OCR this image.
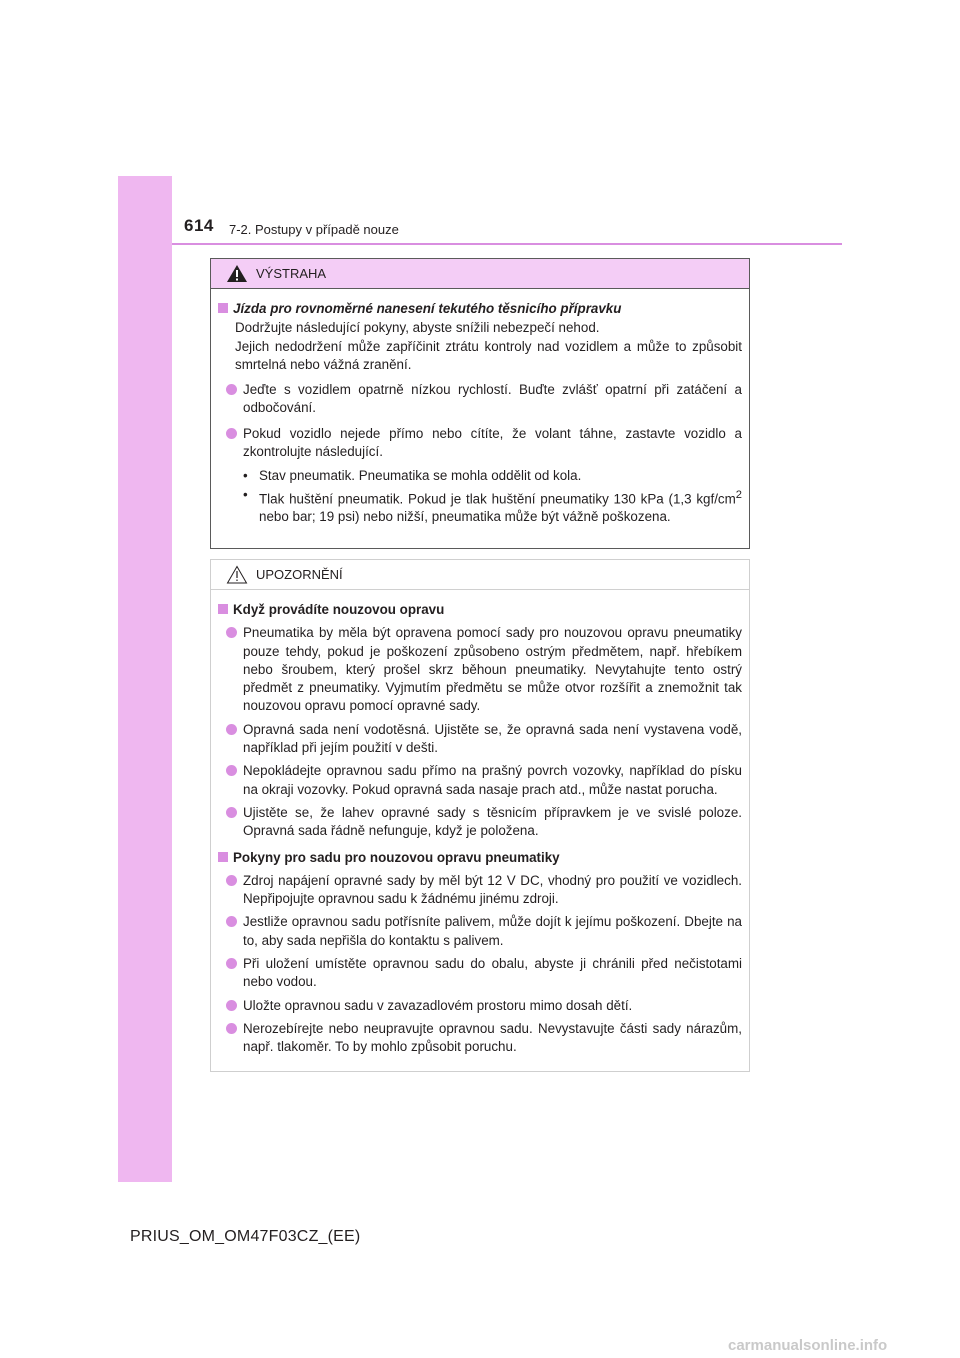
614 7-2. Postupy v případě nouze
VÝSTRAHA
Jízda pro rovnoměrné nanesení tekutého těsnicího přípravku
Dodržujte následující pokyny, abyste snížili nebezpečí nehod.
Jejich nedodržení může zapříčinit ztrátu kontroly nad vozidlem a může to způsobit smrtelná nebo vážná zranění.
Jeďte s vozidlem opatrně nízkou rychlostí. Buďte zvlášť opatrní při zatáčení a odbočování.
Pokud vozidlo nejede přímo nebo cítíte, že volant táhne, zastavte vozidlo a zkontrolujte následující.
• Stav pneumatik. Pneumatika se mohla oddělit od kola.
• Tlak huštění pneumatik. Pokud je tlak huštění pneumatiky 130 kPa (1,3 kgf/$cm^2$ nebo bar; 19 psi) nebo nižší, pneumatika může být vážně poškozena.
UPOZORNĚNÍ
Když provádíte nouzovou opravu
Pneumatika by měla být opravena pomocí sady pro nouzovou opravu pneumatiky pouze tehdy, pokud je poškození způsobeno ostrým předmětem, např. hřebíkem nebo šroubem, který prošel skrz běhoun pneumatiky. Nevytahujte tento ostrý předmět z pneumatiky. Vyjmutím předmětu se může otvor rozšířit a znemožnit tak nouzovou opravu pomocí opravné sady.
Opravná sada není vodotěsná. Ujistěte se, že opravná sada není vystavena vodě, například při jejím použití v dešti.
Nepokládejte opravnou sadu přímo na prašný povrch vozovky, například do písku na okraji vozovky. Pokud opravná sada nasaje prach atd., může nastat porucha.
Ujistěte se, že lahev opravné sady s těsnicím přípravkem je ve svislé poloze. Opravná sada řádně nefunguje, když je položena.
Pokyny pro sadu pro nouzovou opravu pneumatiky
Zdroj napájení opravné sady by měl být 12 V DC, vhodný pro použití ve vozidlech. Nepřipojujte opravnou sadu k žádnému jinému zdroji.
Jestliže opravnou sadu potřísníte palivem, může dojít k jejímu poškození. Dbejte na to, aby sada nepřišla do kontaktu s palivem.
Při uložení umístěte opravnou sadu do obalu, abyste ji chránili před nečistotami nebo vodou.
Uložte opravnou sadu v zavazadlovém prostoru mimo dosah dětí.
Nerozebírejte nebo neupravujte opravnou sadu. Nevystavujte části sady nárazům, např. tlakoměr. To by mohlo způsobit poruchu.
PRIUS_OM_OM47F03CZ_(EE)
carmanualsonline.info
